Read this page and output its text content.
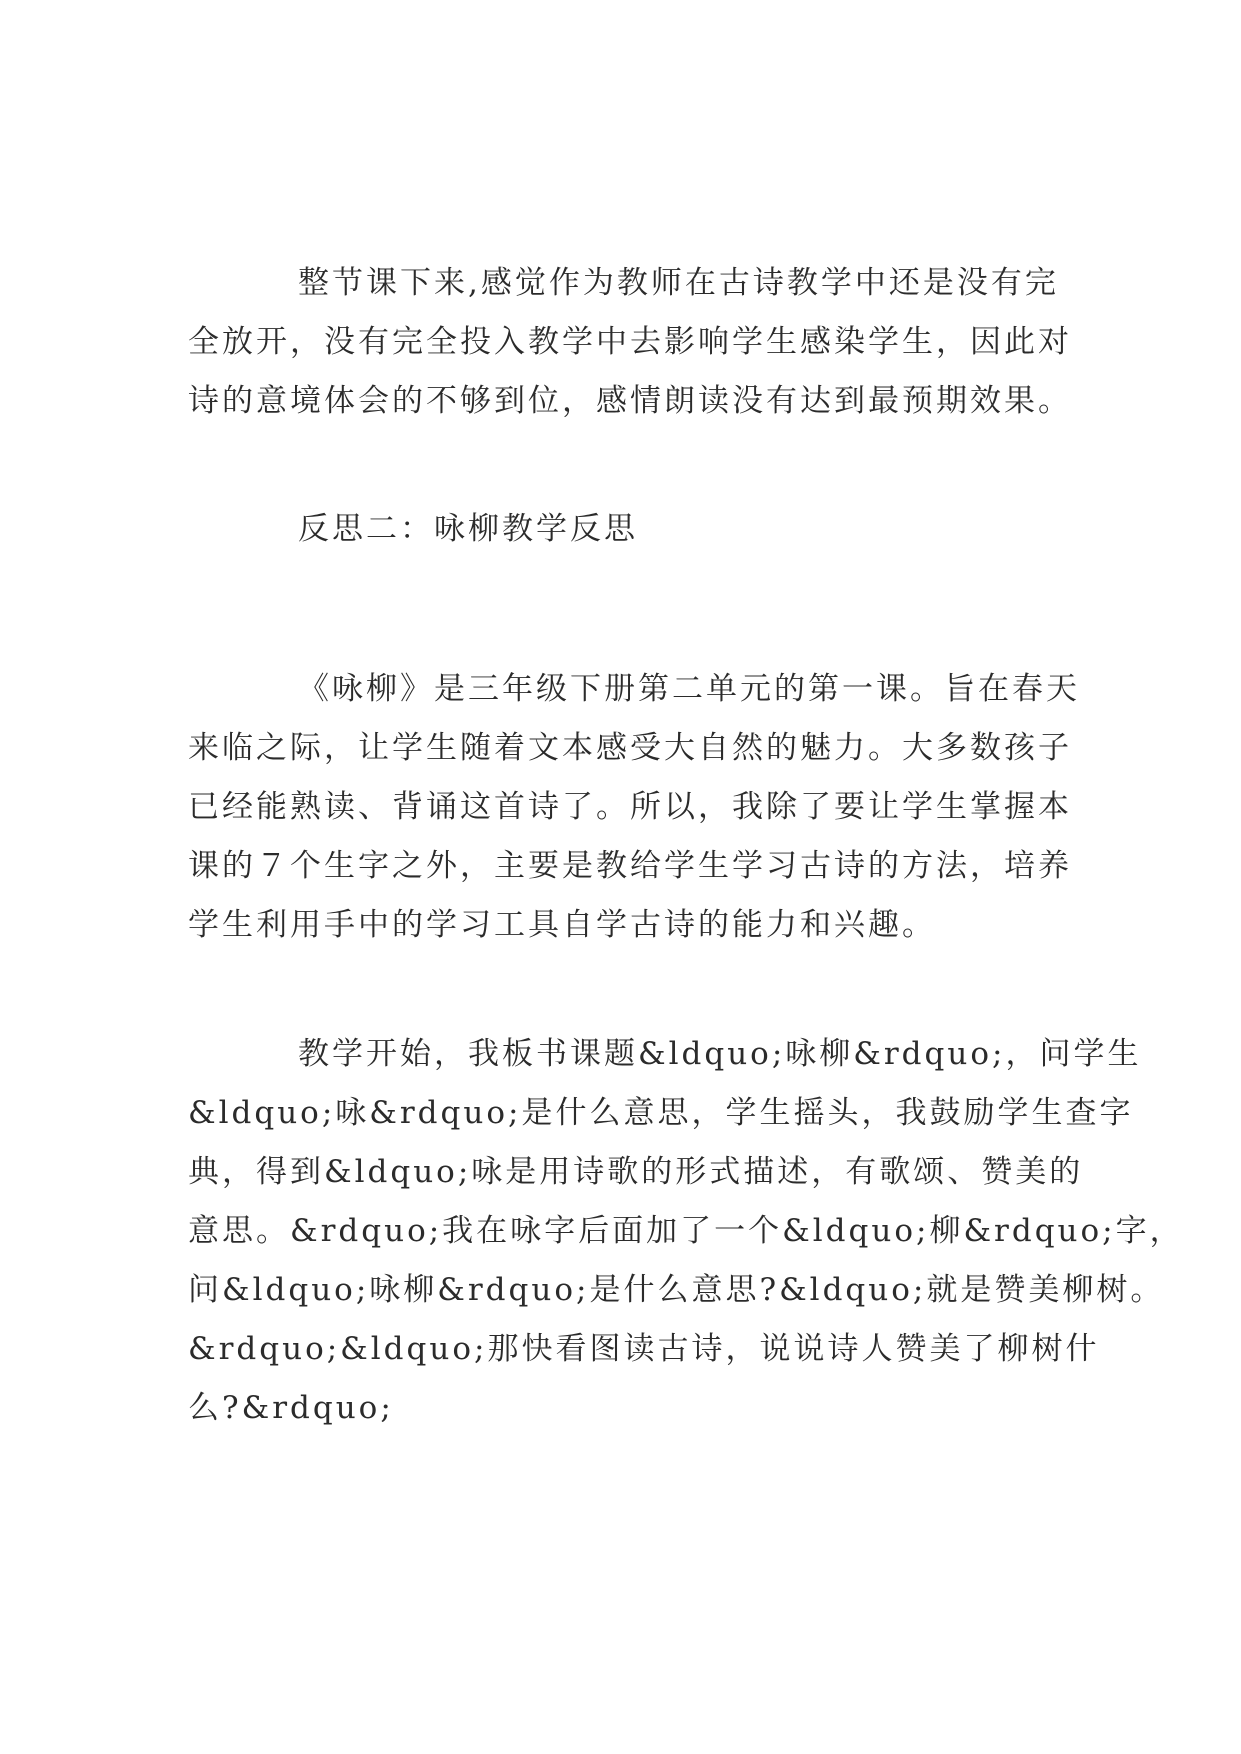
整节课下来,感觉作为教师在古诗教学中还是没有完
全放开，没有完全投入教学中去影响学生感染学生，因此对
诗的意境体会的不够到位，感情朗读没有达到最预期效果。
反思二：咏柳教学反思
《咏柳》是三年级下册第二单元的第一课。旨在春天
来临之际，让学生随着文本感受大自然的魅力。大多数孩子
已经能熟读、背诵这首诗了。所以，我除了要让学生掌握本
课的７个生字之外，主要是教给学生学习古诗的方法，培养
学生利用手中的学习工具自学古诗的能力和兴趣。
教学开始，我板书课题&ldquo;咏柳&rdquo;，问学生
&ldquo;咏&rdquo;是什么意思，学生摇头，我鼓励学生查字
典，得到&ldquo;咏是用诗歌的形式描述，有歌颂、赞美的
意思。&rdquo;我在咏字后面加了一个&ldquo;柳&rdquo;字，
问&ldquo;咏柳&rdquo;是什么意思?&ldquo;就是赞美柳树。
&rdquo;&ldquo;那快看图读古诗，说说诗人赞美了柳树什
么?&rdquo;
